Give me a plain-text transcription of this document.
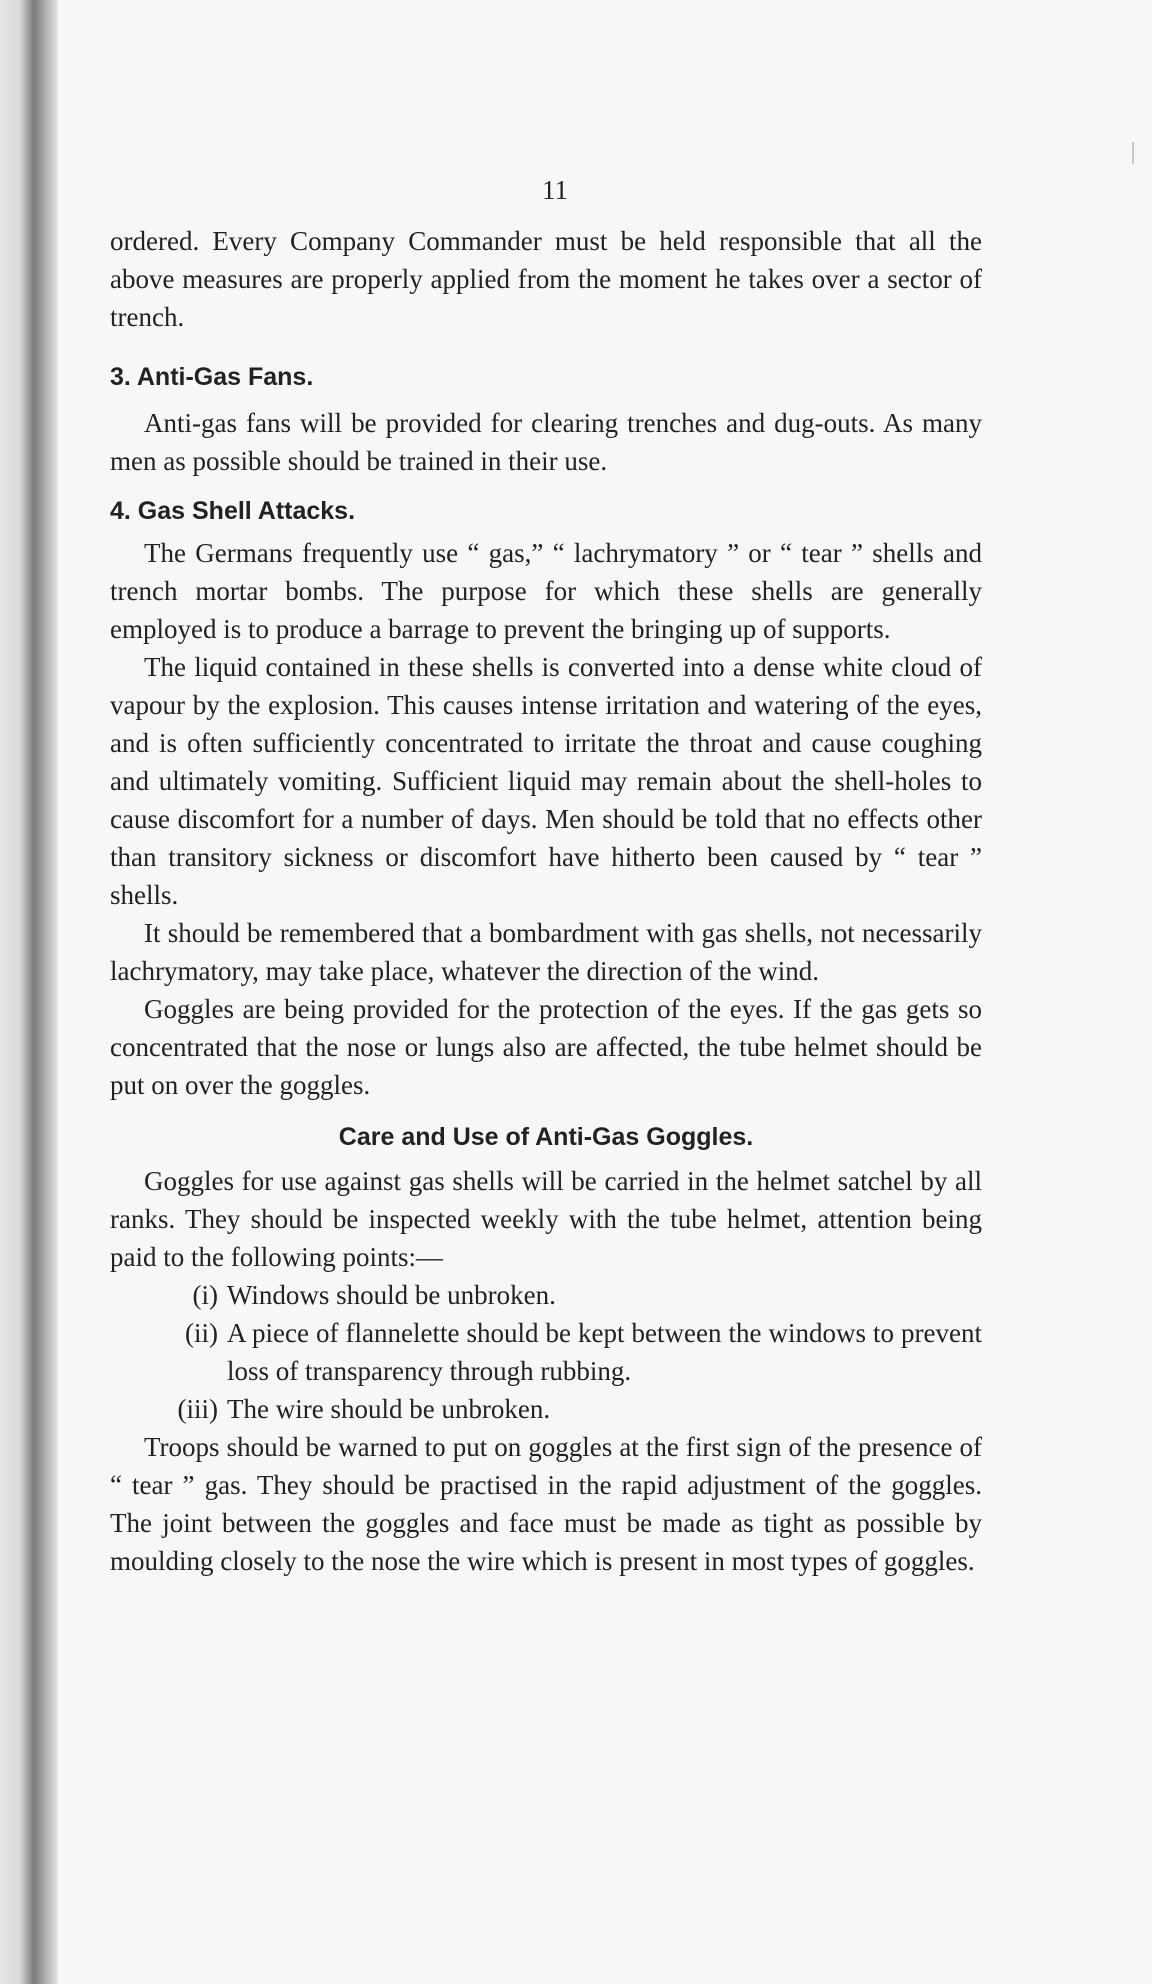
11

ordered. Every Company Commander must be held responsible that all the above measures are properly applied from the moment he takes over a sector of trench.

3. Anti-Gas Fans.

Anti-gas fans will be provided for clearing trenches and dug-outs. As many men as possible should be trained in their use.

4. Gas Shell Attacks.

The Germans frequently use “ gas,” “ lachrymatory ” or “ tear ” shells and trench mortar bombs. The purpose for which these shells are generally employed is to produce a barrage to prevent the bringing up of supports.

The liquid contained in these shells is converted into a dense white cloud of vapour by the explosion. This causes intense irritation and watering of the eyes, and is often sufficiently concentrated to irritate the throat and cause coughing and ultimately vomiting. Sufficient liquid may remain about the shell-holes to cause discomfort for a number of days. Men should be told that no effects other than transitory sickness or discomfort have hitherto been caused by “ tear ” shells.

It should be remembered that a bombardment with gas shells, not necessarily lachrymatory, may take place, whatever the direction of the wind.

Goggles are being provided for the protection of the eyes. If the gas gets so concentrated that the nose or lungs also are affected, the tube helmet should be put on over the goggles.

Care and Use of Anti-Gas Goggles.

Goggles for use against gas shells will be carried in the helmet satchel by all ranks. They should be inspected weekly with the tube helmet, attention being paid to the following points:—

(i) Windows should be unbroken.
(ii) A piece of flannelette should be kept between the windows to prevent loss of transparency through rubbing.
(iii) The wire should be unbroken.

Troops should be warned to put on goggles at the first sign of the presence of “ tear ” gas. They should be practised in the rapid adjustment of the goggles. The joint between the goggles and face must be made as tight as possible by moulding closely to the nose the wire which is present in most types of goggles.
